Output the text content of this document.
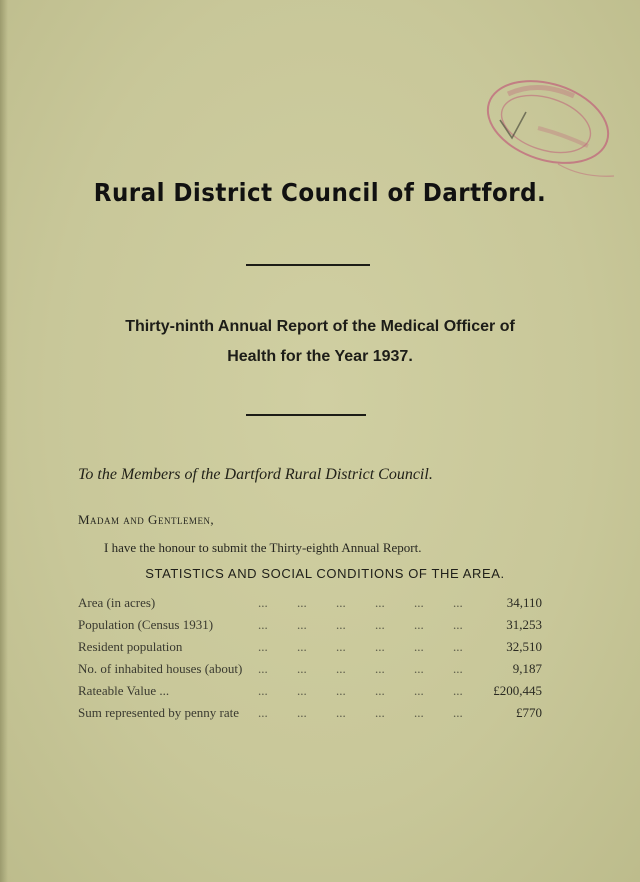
Rural District Council of Dartford.
Thirty-ninth Annual Report of the Medical Officer of
Health for the Year 1937.
To the Members of the Dartford Rural District Council.
Madam and Gentlemen,
I have the honour to submit the Thirty-eighth Annual Report.
STATISTICS AND SOCIAL CONDITIONS OF THE AREA.
Area (in acres)	... ... ... ... ... ...	34,110
Population (Census 1931)	... ... ... ... ... ...	31,253
Resident population	... ... ... ... ... ...	32,510
No. of inhabited houses (about) ... ... ... ... ... ...	9,187
Rateable Value ...	... ... ... ... ... ...	£200,445
Sum represented by penny rate ... ... ... ... ... ...	£770
